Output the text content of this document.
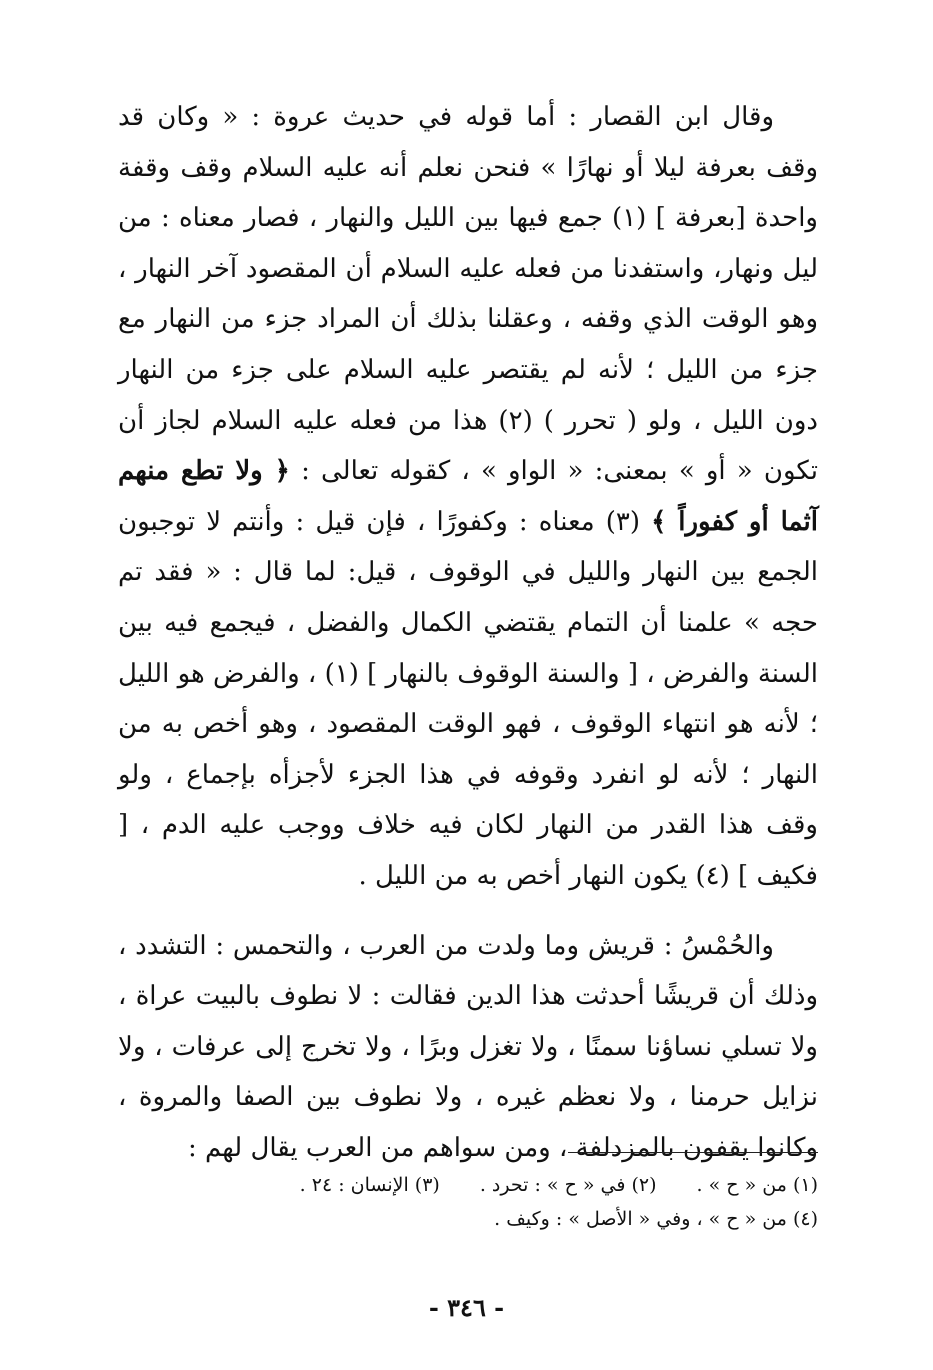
وقال ابن القصار : أما قوله في حديث عروة : « وكان قد وقف بعرفة ليلا أو نهارًا » فنحن نعلم أنه عليه السلام وقف وقفة واحدة [بعرفة ] (١) جمع فيها بين الليل والنهار ، فصار معناه : من ليل ونهار، واستفدنا من فعله عليه السلام أن المقصود آخر النهار ، وهو الوقت الذي وقفه ، وعقلنا بذلك أن المراد جزء من النهار مع جزء من الليل ؛ لأنه لم يقتصر عليه السلام على جزء من النهار دون الليل ، ولو ( تحرر ) (٢) هذا من فعله عليه السلام لجاز أن تكون « أو » بمعنى: « الواو » ، كقوله تعالى : ﴿ ولا تطع منهم آثما أو كفوراً ﴾ (٣) معناه : وكفورًا ، فإن قيل : وأنتم لا توجبون الجمع بين النهار والليل في الوقوف ، قيل: لما قال : « فقد تم حجه » علمنا أن التمام يقتضي الكمال والفضل ، فيجمع فيه بين السنة والفرض ، [ والسنة الوقوف بالنهار ] (١) ، والفرض هو الليل ؛ لأنه هو انتهاء الوقوف ، فهو الوقت المقصود ، وهو أخص به من النهار ؛ لأنه لو انفرد وقوفه في هذا الجزء لأجزأه بإجماع ، ولو وقف هذا القدر من النهار لكان فيه خلاف ووجب عليه الدم ، [ فكيف ] (٤) يكون النهار أخص به من الليل .

والحُمْسُ : قريش وما ولدت من العرب ، والتحمس : التشدد ، وذلك أن قريشًا أحدثت هذا الدين فقالت : لا نطوف بالبيت عراة ، ولا تسلي نساؤنا سمنًا ، ولا تغزل وبرًا ، ولا تخرج إلى عرفات ، ولا نزايل حرمنا ، ولا نعظم غيره ، ولا نطوف بين الصفا والمروة ، وكانوا يقفون بالمزدلفة ، ومن سواهم من العرب يقال لهم :

(١) من « ح » .
(٢) في « ح » : تحرد .
(٣) الإنسان : ٢٤ .
(٤) من « ح » ، وفي « الأصل » : وكيف .
- ٣٤٦ -
